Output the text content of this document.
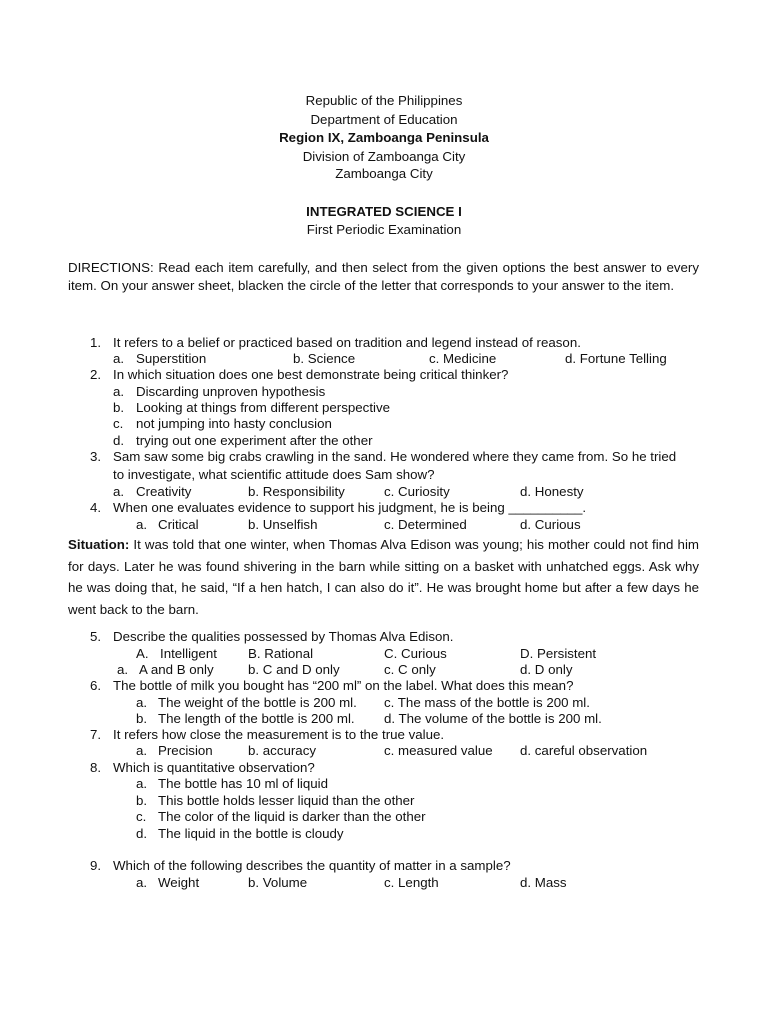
Republic of the Philippines
Department of Education
Region IX, Zamboanga Peninsula
Division of Zamboanga City
Zamboanga City
INTEGRATED SCIENCE I
First Periodic Examination
DIRECTIONS: Read each item carefully, and then select from the given options the best answer to every item. On your answer sheet, blacken the circle of the letter that corresponds to your answer to the item.
1. It refers to a belief or practiced based on tradition and legend instead of reason.
a. Superstition	b. Science	c. Medicine	d. Fortune Telling
2. In which situation does one best demonstrate being critical thinker?
a. Discarding unproven hypothesis
b. Looking at things from different perspective
c. not jumping into hasty conclusion
d. trying out one experiment after the other
3. Sam saw some big crabs crawling in the sand. He wondered where they came from. So he tried
to investigate, what scientific attitude does Sam show?
a. Creativity	b. Responsibility	c. Curiosity	d. Honesty
4. When one evaluates evidence to support his judgment, he is being __________.
a. Critical	b. Unselfish	c. Determined	d. Curious
Situation: It was told that one winter, when Thomas Alva Edison was young; his mother could not find him for days. Later he was found shivering in the barn while sitting on a basket with unhatched eggs. Ask why he was doing that, he said, “If a hen hatch, I can also do it”. He was brought home but after a few days he went back to the barn.
5. Describe the qualities possessed by Thomas Alva Edison.
A. Intelligent B. Rational	C. Curious	D. Persistent
a. A and B only	b. C and D only	c. C only	d. D only
6. The bottle of milk you bought has “200 ml” on the label. What does this mean?
a. The weight of the bottle is 200 ml. c. The mass of the bottle is 200 ml.
b. The length of the bottle is 200 ml. d. The volume of the bottle is 200 ml.
7. It refers how close the measurement is to the true value.
a. Precision	b. accuracy	c. measured value d. careful observation
8. Which is quantitative observation?
a. The bottle has 10 ml of liquid
b. This bottle holds lesser liquid than the other
c. The color of the liquid is darker than the other
d. The liquid in the bottle is cloudy
9. Which of the following describes the quantity of matter in a sample?
a. Weight	b. Volume	c. Length	d. Mass
